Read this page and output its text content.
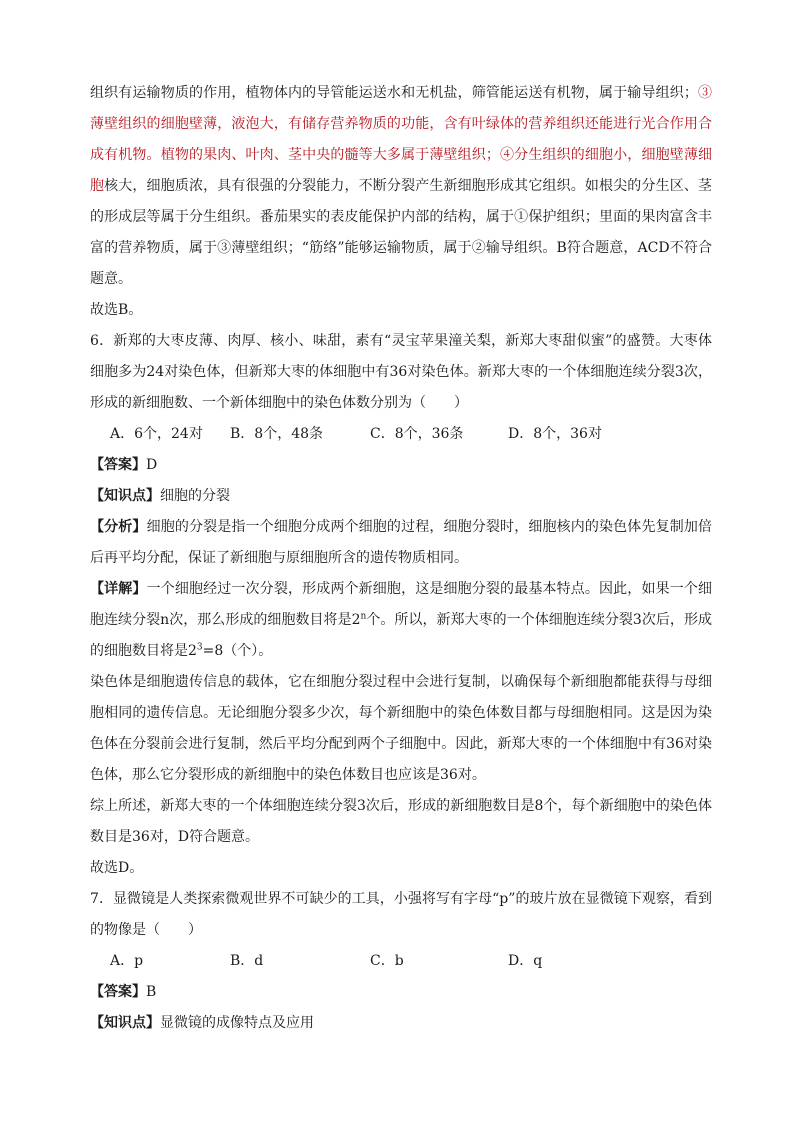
组织有运输物质的作用，植物体内的导管能运送水和无机盐，筛管能运送有机物，属于输导组织；③薄壁组织的细胞壁薄，液泡大，有储存营养物质的功能，含有叶绿体的营养组织还能进行光合作用合成有机物。植物的果肉、叶肉、茎中央的髓等大多属于薄壁组织；④分生组织的细胞小，细胞壁薄细胞核大，细胞质浓，具有很强的分裂能力，不断分裂产生新细胞形成其它组织。如根尖的分生区、茎的形成层等属于分生组织。番茄果实的表皮能保护内部的结构，属于①保护组织；里面的果肉富含丰富的营养物质，属于③薄壁组织；“筋络”能够运输物质，属于②输导组织。B符合题意，ACD不符合题意。

故选B。

6．新郑的大枣皮薄、肉厚、核小、味甜，素有“灵宝苹果潼关梨，新郑大枣甜似蜜”的盛赞。大枣体细胞多为24对染色体，但新郑大枣的体细胞中有36对染色体。新郑大枣的一个体细胞连续分裂3次，形成的新细胞数、一个新体细胞中的染色体数分别为（　　）

A．6个，24对	B．8个，48条	C．8个，36条	D．8个，36对

【答案】D

【知识点】细胞的分裂

【分析】细胞的分裂是指一个细胞分成两个细胞的过程，细胞分裂时，细胞核内的染色体先复制加倍后再平均分配，保证了新细胞与原细胞所含的遗传物质相同。

【详解】一个细胞经过一次分裂，形成两个新细胞，这是细胞分裂的最基本特点。因此，如果一个细胞连续分裂n次，那么形成的细胞数目将是2$^n$个。所以，新郑大枣的一个体细胞连续分裂3次后，形成的细胞数目将是$2^3=8$（个）。

染色体是细胞遗传信息的载体，它在细胞分裂过程中会进行复制，以确保每个新细胞都能获得与母细胞相同的遗传信息。无论细胞分裂多少次，每个新细胞中的染色体数目都与母细胞相同。这是因为染色体在分裂前会进行复制，然后平均分配到两个子细胞中。因此，新郑大枣的一个体细胞中有36对染色体，那么它分裂形成的新细胞中的染色体数目也应该是36对。

综上所述，新郑大枣的一个体细胞连续分裂3次后，形成的新细胞数目是8个，每个新细胞中的染色体数目是36对，D符合题意。

故选D。

7．显微镜是人类探索微观世界不可缺少的工具，小强将写有字母“p”的玻片放在显微镜下观察，看到的物像是（　　）

A．p	B．d	C．b	D．q

【答案】B

【知识点】显微镜的成像特点及应用
